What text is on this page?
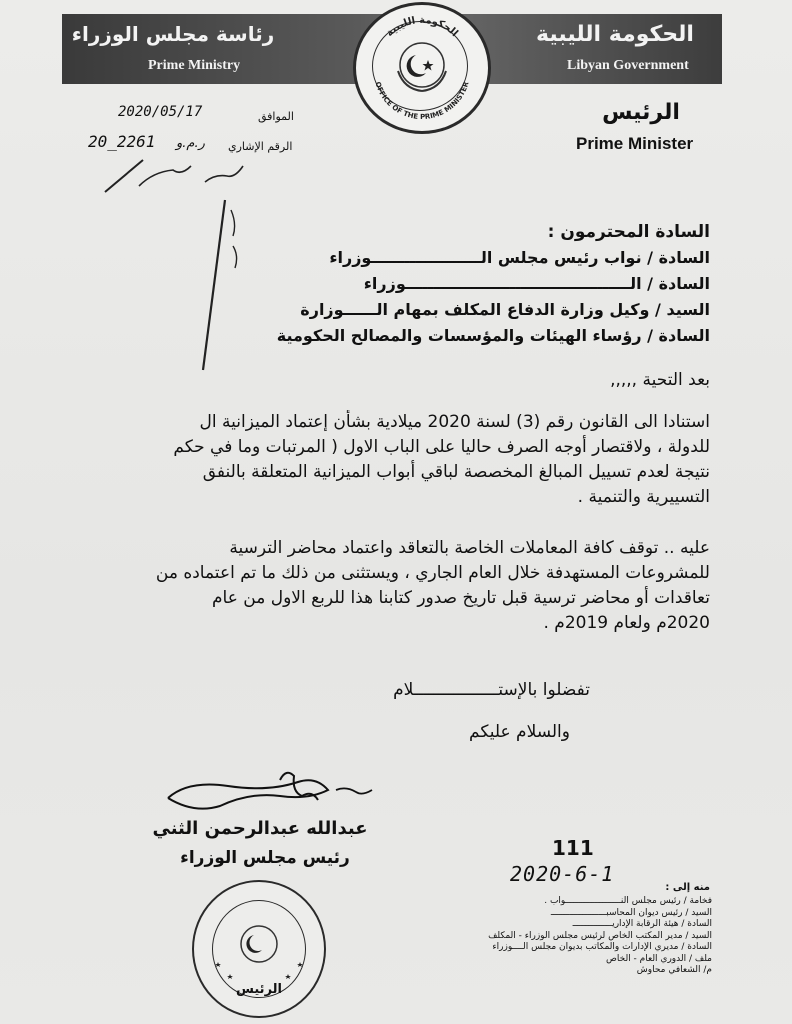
رئاسة مجلس الوزراء
Prime Ministry
الحكومة الليبية
Libyan Government
الحكومة الليبية
OFFICE OF THE PRIME MINISTER
الرئيس
Prime Minister
الموافق
2020/05/17
الرقم الإشاري
20_2261 ر.م.و
السادة المحترمون :
السادة / نواب رئيس مجلس الــــــــــــــــــــوزراء
السادة / الـــــــــــــــــــــــــــــــــــــــــوزراء
السيد / وكيل وزارة الدفاع المكلف بمهام الــــــوزارة
السادة / رؤساء الهيئات والمؤسسات والمصالح الحكومية
بعد التحية ,,,,,
استنادا الى القانون رقم (3) لسنة 2020 ميلادية بشأن إعتماد الميزانية ال
للدولة ، ولاقتصار أوجه الصرف حاليا على الباب الاول ( المرتبات وما في حكم
نتيجة لعدم تسييل المبالغ المخصصة لباقي أبواب الميزانية المتعلقة بالنفق
التسييرية والتنمية .
عليه .. توقف كافة المعاملات الخاصة بالتعاقد واعتماد محاضر الترسية
للمشروعات المستهدفة خلال العام الجاري ، ويستثنى من ذلك ما تم اعتماده من
تعاقدات أو محاضر ترسية قبل تاريخ صدور كتابنا هذا للربع الاول من عام
2020م ولعام 2019م .
تفضلوا بالإستـــــــــــــــــلام
والسلام عليكم
عبدالله عبدالرحمن الثني
رئيس مجلس الوزراء
الرئيس
2020-6-1
111
منه إلى :
فخامة / رئيس مجلس النـــــــــــــــــــــواب .
السيد / رئيس ديوان المحاسبـــــــــــــــــــــ
السادة / هيئة الرقابة الإداريـــــــــــــــ
السيد / مدير المكتب الخاص لرئيس مجلس الوزراء - المكلف
السادة / مديري الإدارات والمكاتب بديوان مجلس الــــوزراء
ملف / الدوري العام - الخاص
م/ الشعافي محاوش
